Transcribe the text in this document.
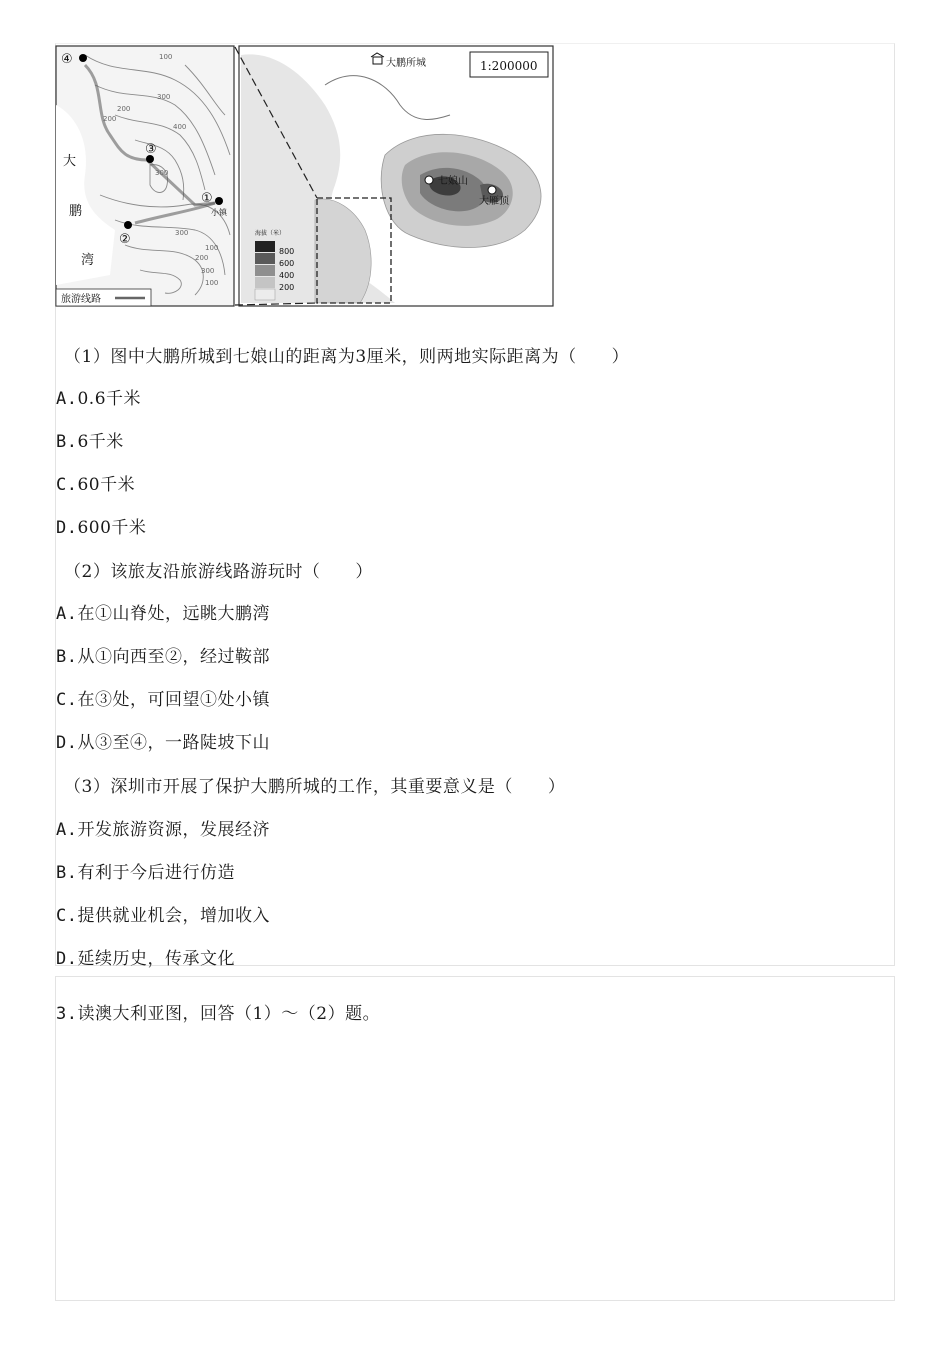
④
③
①
②
大
鹏
湾
小镇
100
200
200
300
400
300
300
100
200
300
100
旅游线路
大鹏所城
七娘山
大雁顶
1:200000
海拔（米）
800
600
400
200
（1）图中大鹏所城到七娘山的距离为3厘米，则两地实际距离为（　　）
A.0.6千米
B.6千米
C.60千米
D.600千米
（2）该旅友沿旅游线路游玩时（　　）
A.在①山脊处，远眺大鹏湾
B.从①向西至②，经过鞍部
C.在③处，可回望①处小镇
D.从③至④，一路陡坡下山
（3）深圳市开展了保护大鹏所城的工作，其重要意义是（　　）
A.开发旅游资源，发展经济
B.有利于今后进行仿造
C.提供就业机会，增加收入
D.延续历史，传承文化
3.读澳大利亚图，回答（1）～（2）题。
